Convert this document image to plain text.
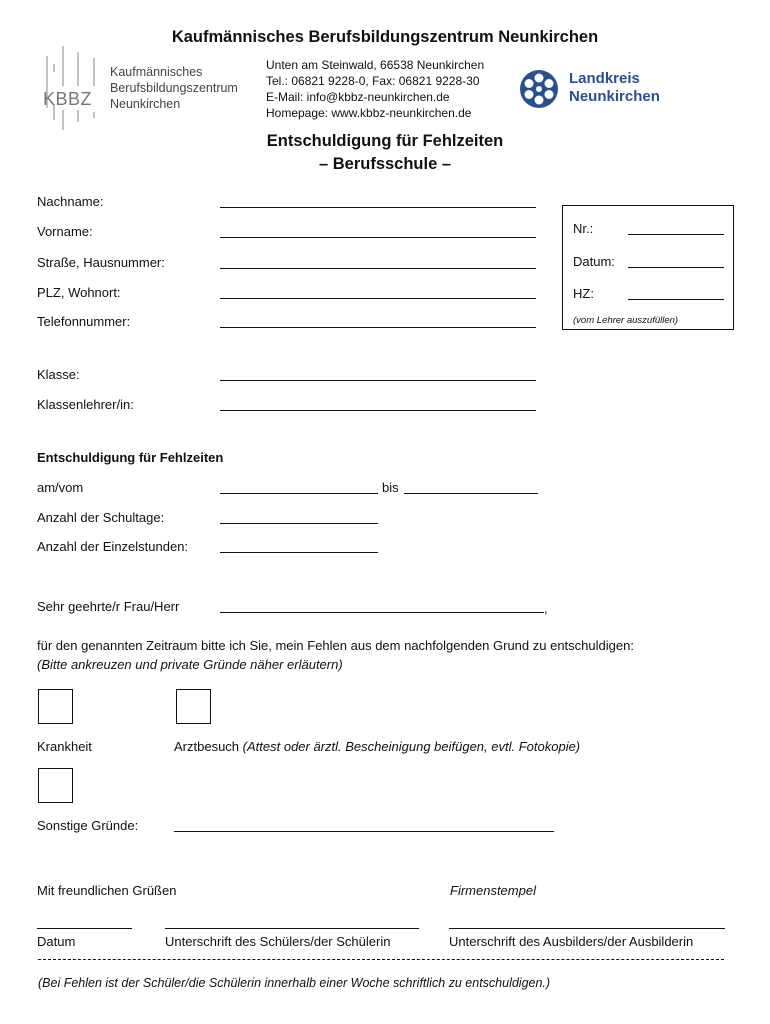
Kaufmännisches Berufsbildungszentrum Neunkirchen
KBBZ
Kaufmännisches
Berufsbildungszentrum
Neunkirchen
Unten am Steinwald, 66538 Neunkirchen
Tel.: 06821 9228-0, Fax: 06821 9228-30
E-Mail: info@kbbz-neunkirchen.de
Homepage: www.kbbz-neunkirchen.de
Landkreis
Neunkirchen
Entschuldigung für Fehlzeiten
– Berufsschule –
Nachname:
Vorname:
Straße, Hausnummer:
PLZ, Wohnort:
Telefonnummer:
Nr.:
Datum:
HZ:
(vom Lehrer auszufüllen)
Klasse:
Klassenlehrer/in:
Entschuldigung für Fehlzeiten
am/vom	bis
Anzahl der Schultage:
Anzahl der Einzelstunden:
Sehr geehrte/r Frau/Herr	,
für den genannten Zeitraum bitte ich Sie, mein Fehlen aus dem nachfolgenden Grund zu entschuldigen:
(Bitte ankreuzen und private Gründe näher erläutern)
Krankheit	Arztbesuch (Attest oder ärztl. Bescheinigung beifügen, evtl. Fotokopie)
Sonstige Gründe:
Mit freundlichen Grüßen	Firmenstempel
Datum	Unterschrift des Schülers/der Schülerin	Unterschrift des Ausbilders/der Ausbilderin
(Bei Fehlen ist der Schüler/die Schülerin innerhalb einer Woche schriftlich zu entschuldigen.)
